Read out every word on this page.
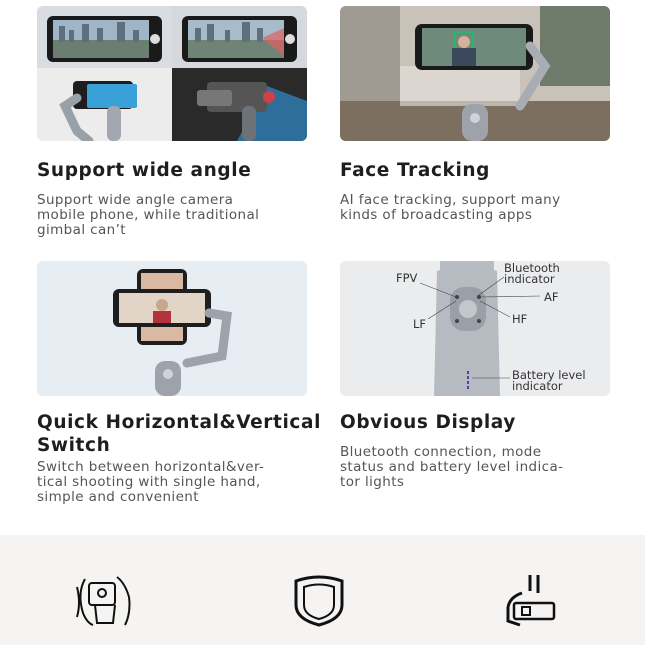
Support wide angle

Support wide angle camera
mobile phone, while traditional
gimbal can’t

Face Tracking

AI face tracking, support many
kinds of broadcasting apps

Quick Horizontal&Vertical
Switch

Switch between horizontal&ver-
tical shooting with single hand,
simple and convenient

FPV
Bluetooth
indicator
AF
LF	HF
Battery level
indicator
Obvious Display

Bluetooth connection, mode
status and battery level indica-
tor lights
